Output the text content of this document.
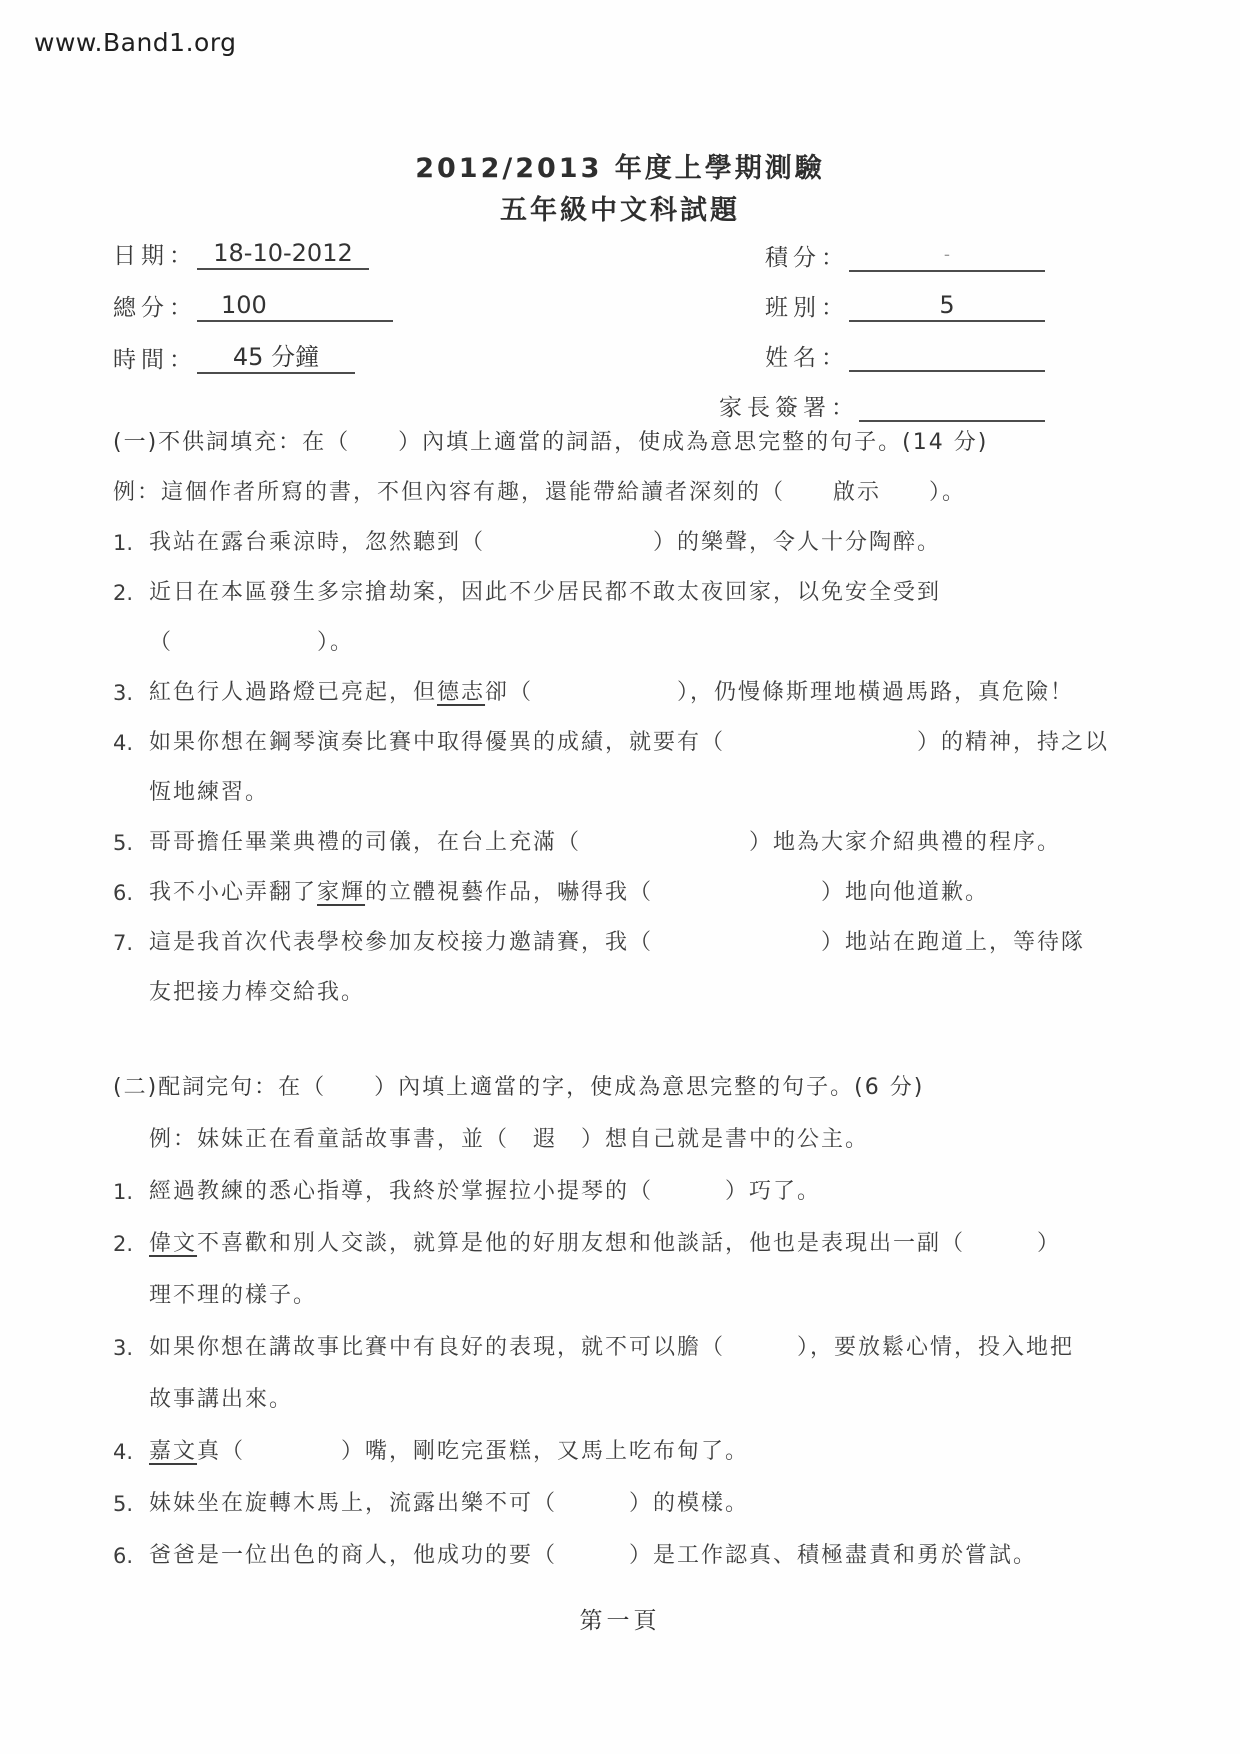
www.Band1.org
2012/2013 年度上學期測驗
五年級中文科試題
日期： 18-10-2012
總分：	100
時間：	45 分鐘
積分：	-
班別：	5
姓名：
家長簽署：
(一)不供詞填充：在（　　）內填上適當的詞語，使成為意思完整的句子。(14 分)
例：這個作者所寫的書，不但內容有趣，還能帶給讀者深刻的（　　啟示　　）。
1. 我站在露台乘涼時，忽然聽到（　　　　　　　）的樂聲，令人十分陶醉。
2. 近日在本區發生多宗搶劫案，因此不少居民都不敢太夜回家，以免安全受到
（　　　　　　）。
3. 紅色行人過路燈已亮起，但德志卻（　　　　　　），仍慢條斯理地橫過馬路，真危險！
4. 如果你想在鋼琴演奏比賽中取得優異的成績，就要有（　　　　　　　　）的精神，持之以
恆地練習。
5. 哥哥擔任畢業典禮的司儀，在台上充滿（　　　　　　　）地為大家介紹典禮的程序。
6. 我不小心弄翻了家輝的立體視藝作品，嚇得我（　　　　　　　）地向他道歉。
7. 這是我首次代表學校參加友校接力邀請賽，我（　　　　　　　）地站在跑道上，等待隊
友把接力棒交給我。
(二)配詞完句：在（　　）內填上適當的字，使成為意思完整的句子。(6 分)
例：妹妹正在看童話故事書，並（　遐　）想自己就是書中的公主。
1. 經過教練的悉心指導，我終於掌握拉小提琴的（　　　）巧了。
2. 偉文不喜歡和別人交談，就算是他的好朋友想和他談話，他也是表現出一副（　　　）
理不理的樣子。
3. 如果你想在講故事比賽中有良好的表現，就不可以膽（　　　），要放鬆心情，投入地把
故事講出來。
4. 嘉文真（　　　　）嘴，剛吃完蛋糕，又馬上吃布甸了。
5. 妹妹坐在旋轉木馬上，流露出樂不可（　　　）的模樣。
6. 爸爸是一位出色的商人，他成功的要（　　　）是工作認真、積極盡責和勇於嘗試。
第一頁
